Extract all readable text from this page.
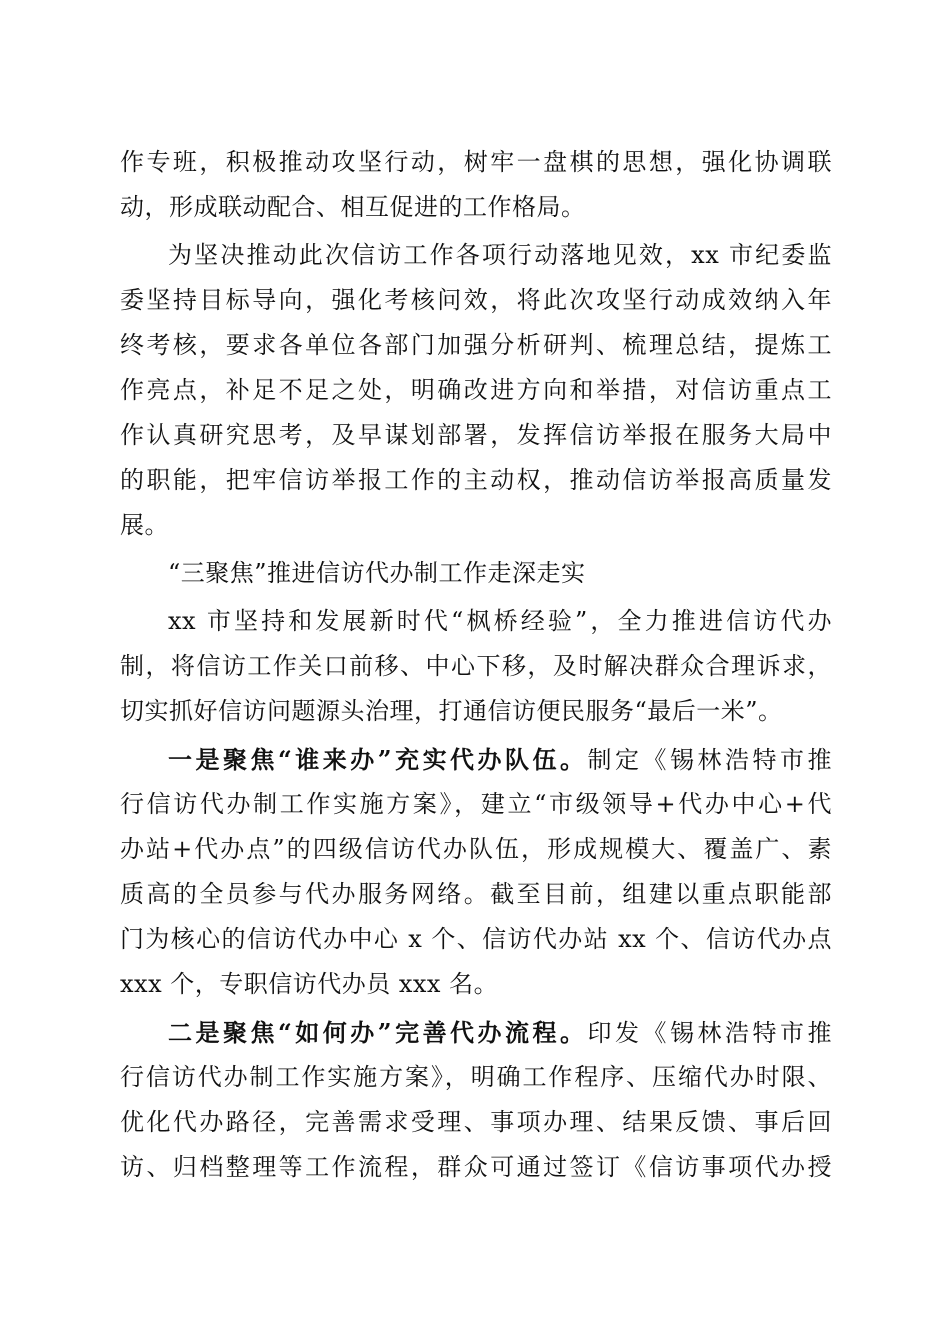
作专班，积极推动攻坚行动，树牢一盘棋的思想，强化协调联
动，形成联动配合、相互促进的工作格局。
为坚决推动此次信访工作各项行动落地见效，xx 市纪委监
委坚持目标导向，强化考核问效，将此次攻坚行动成效纳入年
终考核，要求各单位各部门加强分析研判、梳理总结，提炼工
作亮点，补足不足之处，明确改进方向和举措，对信访重点工
作认真研究思考，及早谋划部署，发挥信访举报在服务大局中
的职能，把牢信访举报工作的主动权，推动信访举报高质量发
展。
“三聚焦”推进信访代办制工作走深走实
xx 市坚持和发展新时代“枫桥经验”，全力推进信访代办
制，将信访工作关口前移、中心下移，及时解决群众合理诉求，
切实抓好信访问题源头治理，打通信访便民服务“最后一米”。
一是聚焦“谁来办”充实代办队伍。制定《锡林浩特市推
行信访代办制工作实施方案》，建立“市级领导+代办中心+代
办站+代办点”的四级信访代办队伍，形成规模大、覆盖广、素
质高的全员参与代办服务网络。截至目前，组建以重点职能部
门为核心的信访代办中心 x 个、信访代办站 xx 个、信访代办点
xxx 个，专职信访代办员 xxx 名。
二是聚焦“如何办”完善代办流程。印发《锡林浩特市推
行信访代办制工作实施方案》，明确工作程序、压缩代办时限、
优化代办路径，完善需求受理、事项办理、结果反馈、事后回
访、归档整理等工作流程，群众可通过签订《信访事项代办授
